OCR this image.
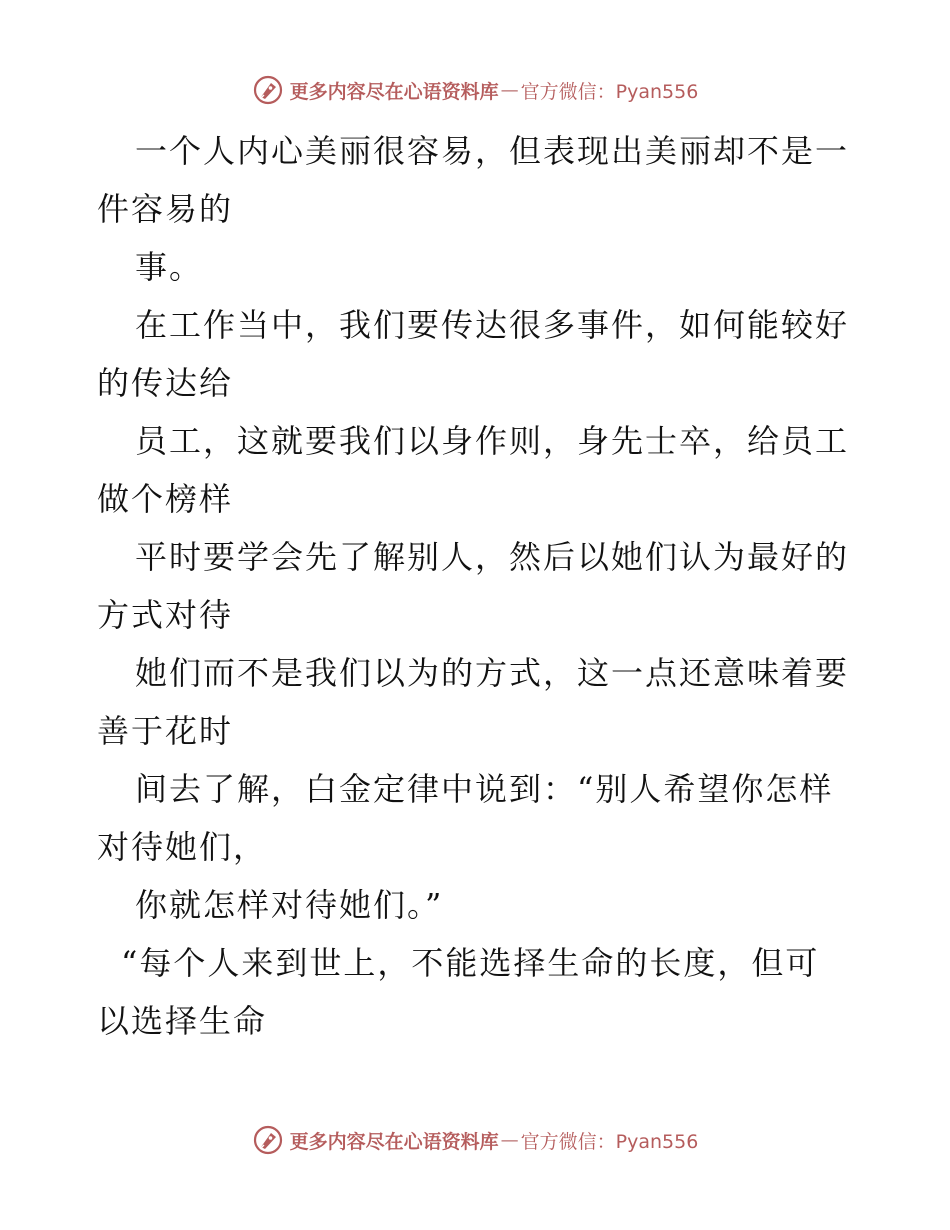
更多内容尽在心语资料库 — 官方微信：Pyan556
一个人内心美丽很容易，但表现出美丽却不是一
件容易的
事。
在工作当中，我们要传达很多事件，如何能较好
的传达给
员工，这就要我们以身作则，身先士卒，给员工
做个榜样
平时要学会先了解别人，然后以她们认为最好的
方式对待
她们而不是我们以为的方式，这一点还意味着要
善于花时
间去了解，白金定律中说到：“别人希望你怎样
对待她们，
你就怎样对待她们。”
“每个人来到世上，不能选择生命的长度，但可
以选择生命
更多内容尽在心语资料库 — 官方微信：Pyan556
